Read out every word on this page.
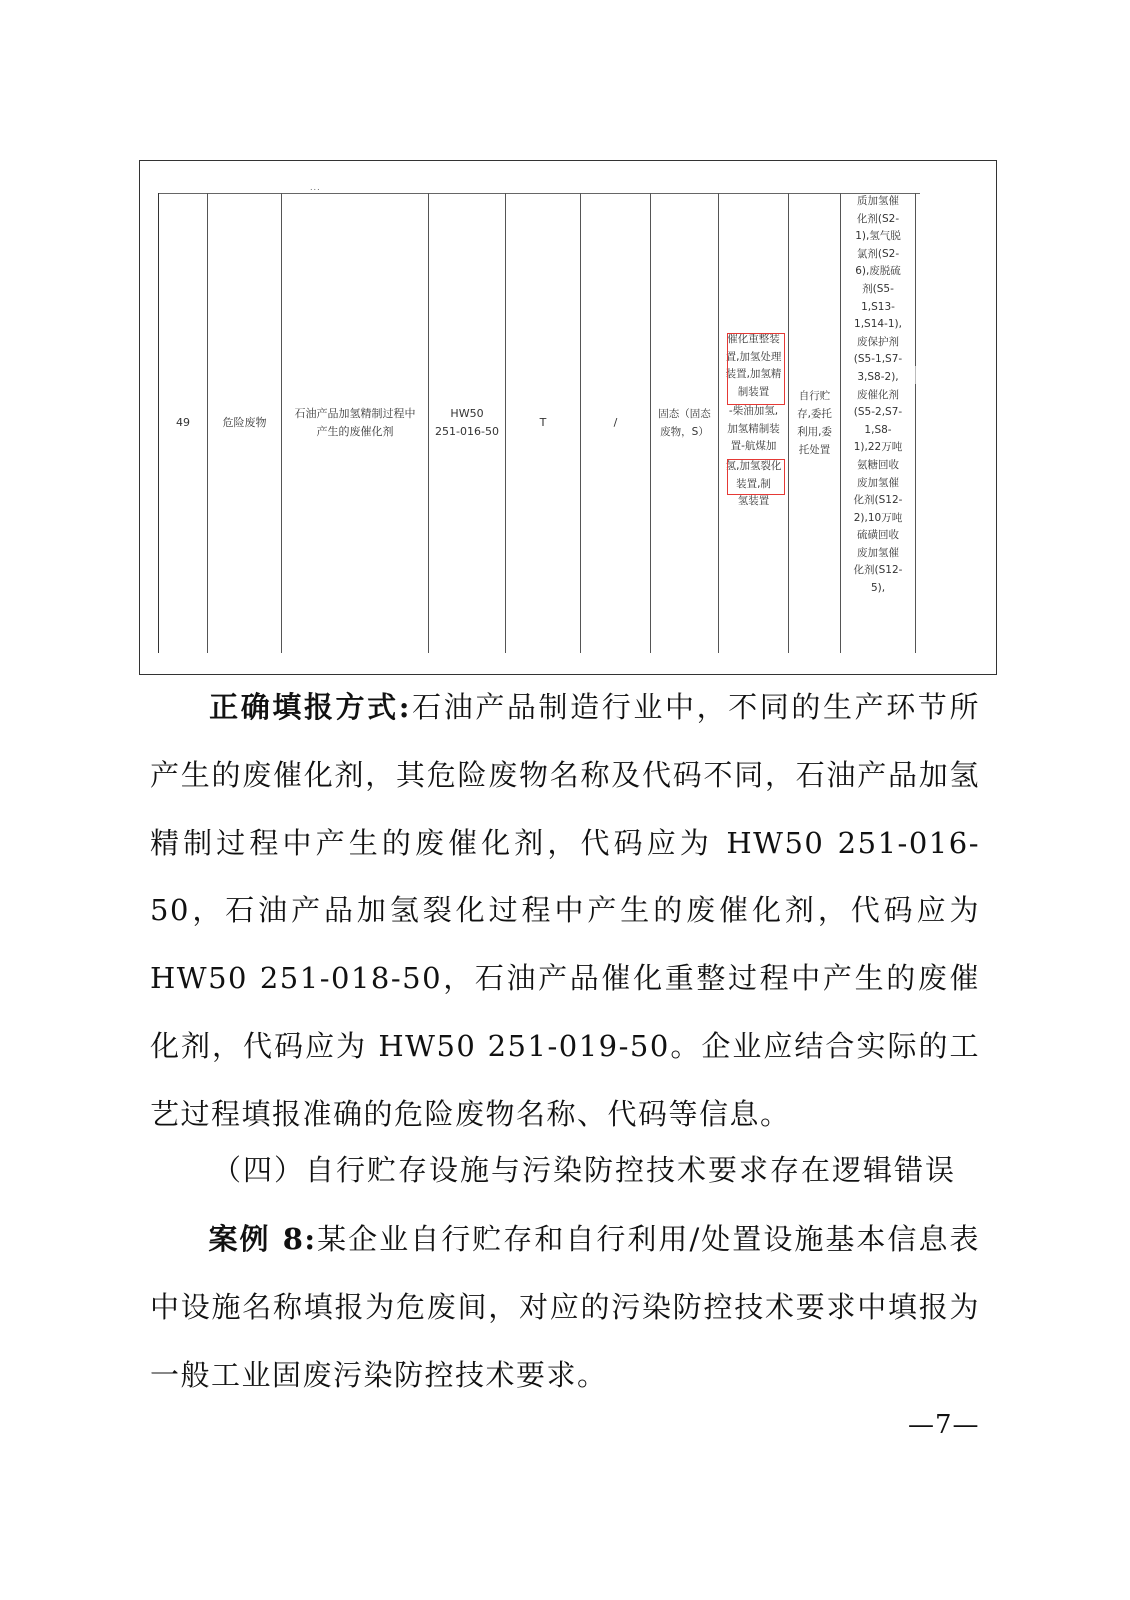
...
49	危险废物
石油产品加氢精制过程中产生的废催化剂
HW50
251-016-50
T	/
固态（固态废物，S）
催化重整装置,加氢处理装置,加氢精制装置
-柴油加氢,加氢精制装置-航煤加
氢,加氢裂化装置,制
氢装置
自行贮存,委托利用,委托处置
质加氢催化剂(S2-1),氢气脱氯剂(S2-6),废脱硫剂(S5-1,S13-1,S14-1),废保护剂(S5-1,S7-3,S8-2),废催化剂(S5-2,S7-1,S8-1),22万吨氨糖回收废加氢催化剂(S12-2),10万吨硫磺回收废加氢催化剂(S12-5),
正确填报方式:石油产品制造行业中，不同的生产环节所产生的废催化剂，其危险废物名称及代码不同，石油产品加氢精制过程中产生的废催化剂，代码应为 HW50 251-016-50，石油产品加氢裂化过程中产生的废催化剂，代码应为 HW50 251-018-50，石油产品催化重整过程中产生的废催化剂，代码应为 HW50 251-019-50。企业应结合实际的工艺过程填报准确的危险废物名称、代码等信息。
（四）自行贮存设施与污染防控技术要求存在逻辑错误
案例 8:某企业自行贮存和自行利用/处置设施基本信息表中设施名称填报为危废间，对应的污染防控技术要求中填报为一般工业固废污染防控技术要求。
—7—
